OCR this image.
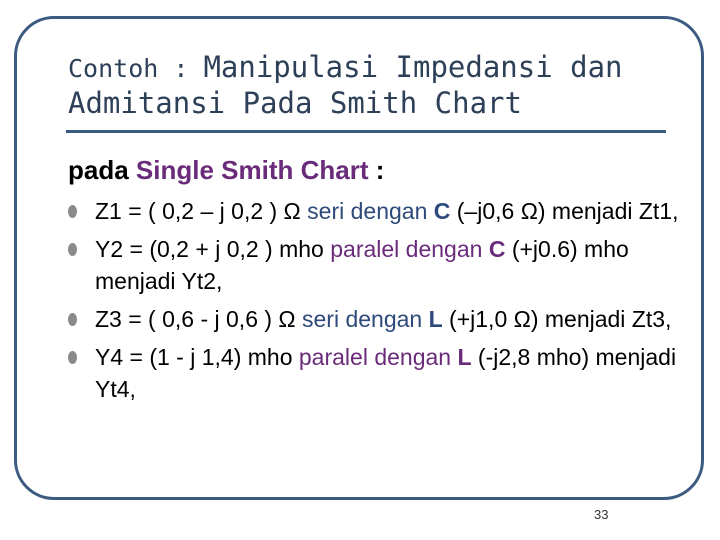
Contoh : Manipulasi Impedansi dan
Admitansi Pada Smith Chart
pada Single Smith Chart :
Z1 = ( 0,2 – j 0,2 ) Ω seri dengan C (–j0,6 Ω) menjadi Zt1,
Y2 = (0,2 + j 0,2 ) mho paralel dengan C (+j0.6) mho menjadi Yt2,
Z3 = ( 0,6 - j 0,6 ) Ω seri dengan L (+j1,0 Ω) menjadi Zt3,
Y4 = (1 - j 1,4) mho paralel dengan L (-j2,8 mho) menjadi Yt4,
33
